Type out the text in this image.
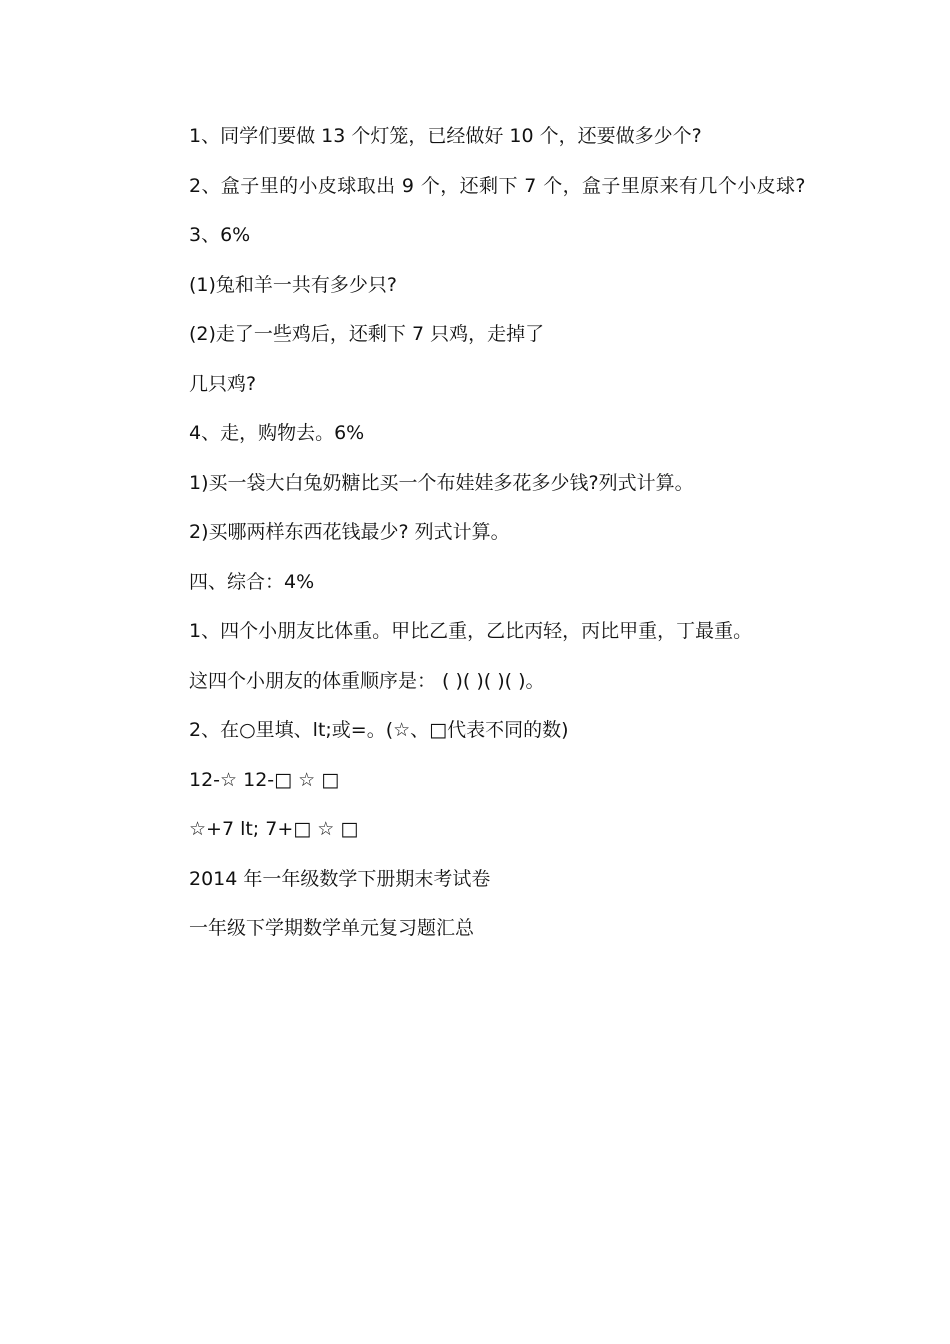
1、同学们要做 13 个灯笼，已经做好 10 个，还要做多少个?
2、盒子里的小皮球取出 9 个，还剩下 7 个，盒子里原来有几个小皮球?
3、6%
(1)兔和羊一共有多少只?
(2)走了一些鸡后，还剩下 7 只鸡，走掉了
几只鸡?
4、走，购物去。6%
1)买一袋大白兔奶糖比买一个布娃娃多花多少钱?列式计算。
2)买哪两样东西花钱最少? 列式计算。
四、综合：4%
1、四个小朋友比体重。甲比乙重，乙比丙轻，丙比甲重，丁最重。
这四个小朋友的体重顺序是： ( )( )( )( )。
2、在○里填、lt;或=。(☆、□代表不同的数)
12-☆ 12-□ ☆ □
☆+7 lt; 7+□ ☆ □
2014 年一年级数学下册期末考试卷
一年级下学期数学单元复习题汇总
